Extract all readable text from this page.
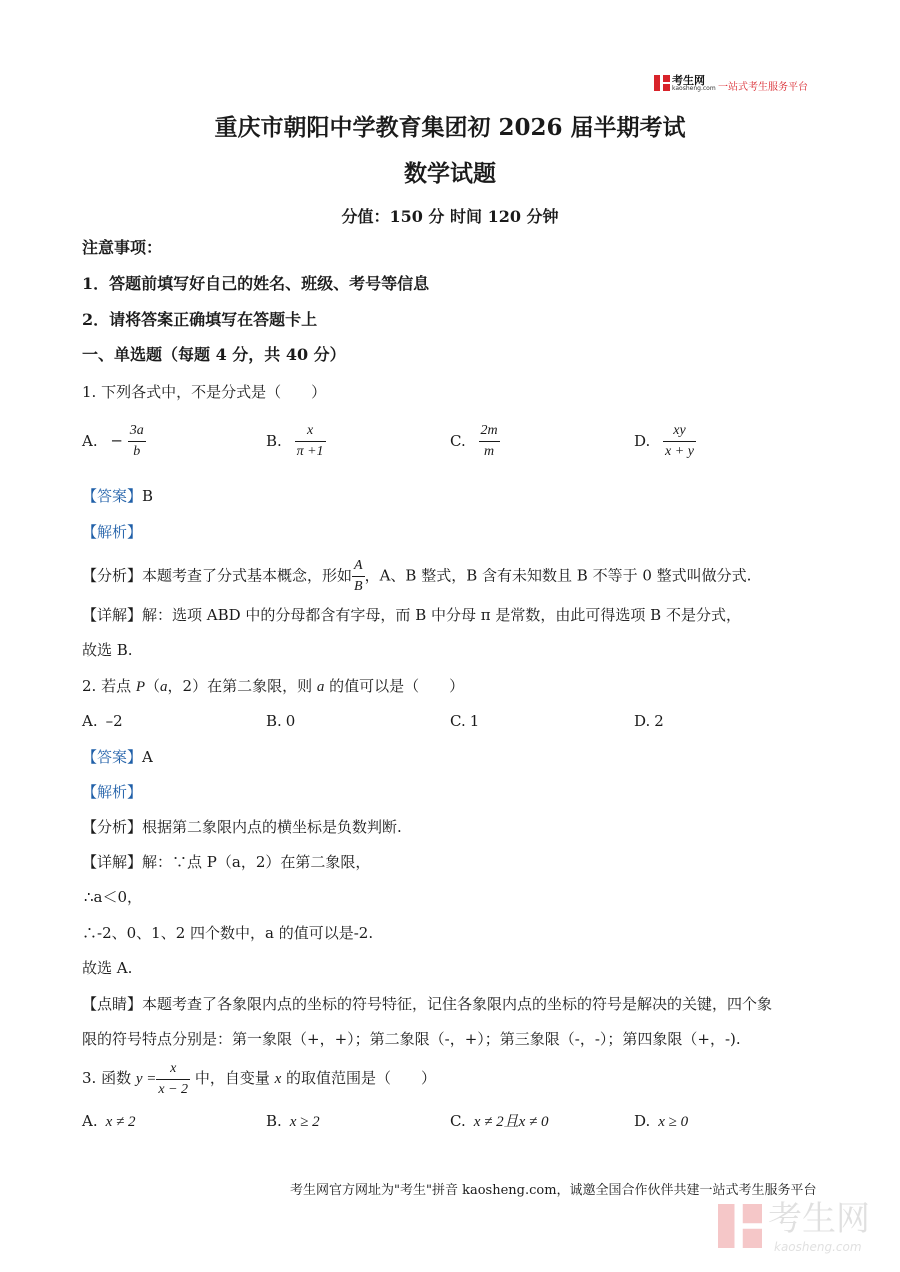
考生网
kaosheng.com 一站式考生服务平台
重庆市朝阳中学教育集团初 2026 届半期考试
数学试题
分值：150 分 时间 120 分钟
注意事项：
1．答题前填写好自己的姓名、班级、考号等信息
2．请将答案正确填写在答题卡上
一、单选题（每题 4 分，共 40 分）
1. 下列各式中，不是分式是（　　）
A. − $\frac{3a}{b}$	B. $\frac{x}{\pi +1}$	C. $\frac{2m}{m}$	D. $\frac{xy}{x + y}$
【答案】B
【解析】
【分析】本题考查了分式基本概念，形如 $\frac{A}{B}$ ，A、B 整式，B 含有未知数且 B 不等于 0 整式叫做分式.
【详解】解：选项 ABD 中的分母都含有字母，而 B 中分母 π 是常数，由此可得选项 B 不是分式，
故选 B.
2. 若点 P（a，2）在第二象限，则 a 的值可以是（　　）
A. –2	B. 0	C. 1	D. 2
【答案】A
【解析】
【分析】根据第二象限内点的横坐标是负数判断.
【详解】解：∵点 P（a，2）在第二象限，
∴a＜0，
∴-2、0、1、2 四个数中，a 的值可以是-2.
故选 A.
【点睛】本题考查了各象限内点的坐标的符号特征，记住各象限内点的坐标的符号是解决的关键，四个象
限的符号特点分别是：第一象限（+，+）；第二象限（-，+）；第三象限（-，-）；第四象限（+，-).
3. 函数 $y = \frac{x}{x - 2}$ 中，自变量 x 的取值范围是（　　）
A. x ≠ 2	B. x ≥ 2	C. x ≠ 2且x ≠ 0	D. x ≥ 0
考生网官方网址为"考生"拼音 kaosheng.com，诚邀全国合作伙伴共建一站式考生服务平台
考生网
kaosheng.com
